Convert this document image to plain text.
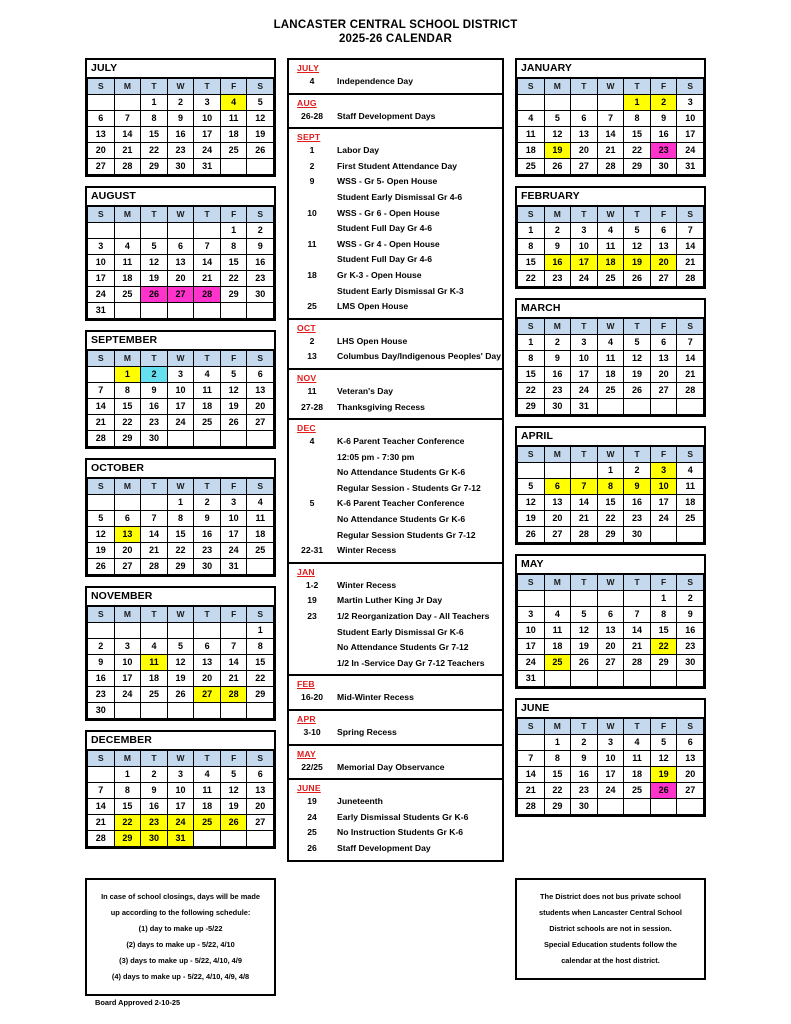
LANCASTER CENTRAL SCHOOL DISTRICT
2025-26 CALENDAR
JULY
S	M	T	W	T	F	S
		1	2	3	4	5
6	7	8	9	10	11	12
13	14	15	16	17	18	19
20	21	22	23	24	25	26
27	28	29	30	31		
AUGUST
S	M	T	W	T	F	S
					1	2
3	4	5	6	7	8	9
10	11	12	13	14	15	16
17	18	19	20	21	22	23
24	25	26	27	28	29	30
31						
SEPTEMBER
S	M	T	W	T	F	S
	1	2	3	4	5	6
7	8	9	10	11	12	13
14	15	16	17	18	19	20
21	22	23	24	25	26	27
28	29	30				
OCTOBER
S	M	T	W	T	F	S
			1	2	3	4
5	6	7	8	9	10	11
12	13	14	15	16	17	18
19	20	21	22	23	24	25
26	27	28	29	30	31	
NOVEMBER
S	M	T	W	T	F	S
						1
2	3	4	5	6	7	8
9	10	11	12	13	14	15
16	17	18	19	20	21	22
23	24	25	26	27	28	29
30						
DECEMBER
S	M	T	W	T	F	S
	1	2	3	4	5	6
7	8	9	10	11	12	13
14	15	16	17	18	19	20
21	22	23	24	25	26	27
28	29	30	31			
JULY
4	Independence Day
AUG
26-28	Staff Development Days
SEPT
1	Labor Day
2	First Student Attendance Day
9	WSS - Gr 5- Open House
Student Early Dismissal Gr 4-6
10	WSS - Gr 6 - Open House
Student Full Day Gr 4-6
11	WSS - Gr 4 - Open House
Student Full Day Gr 4-6
18	Gr K-3 - Open House
Student Early Dismissal Gr K-3
25	LMS Open House
OCT
2	LHS Open House
13	Columbus Day/Indigenous Peoples' Day
NOV
11	Veteran's Day
27-28	Thanksgiving Recess
DEC
4	K-6 Parent Teacher Conference
12:05 pm - 7:30 pm
No Attendance Students Gr K-6
Regular Session - Students Gr 7-12
5	K-6 Parent Teacher Conference
No Attendance Students Gr K-6
Regular Session Students Gr 7-12
22-31	Winter Recess
JAN
1-2	Winter Recess
19	Martin Luther King Jr Day
23	1/2 Reorganization Day - All Teachers
Student Early Dismissal Gr K-6
No Attendance Students Gr 7-12
1/2 In -Service Day Gr 7-12 Teachers
FEB
16-20	Mid-Winter Recess
APR
3-10	Spring Recess
MAY
22/25	Memorial Day Observance
JUNE
19	Juneteenth
24	Early Dismissal Students Gr K-6
25	No Instruction Students Gr K-6
26	Staff Development Day
JANUARY
S	M	T	W	T	F	S
				1	2	3
4	5	6	7	8	9	10
11	12	13	14	15	16	17
18	19	20	21	22	23	24
25	26	27	28	29	30	31
FEBRUARY
S	M	T	W	T	F	S
1	2	3	4	5	6	7
8	9	10	11	12	13	14
15	16	17	18	19	20	21
22	23	24	25	26	27	28
MARCH
S	M	T	W	T	F	S
1	2	3	4	5	6	7
8	9	10	11	12	13	14
15	16	17	18	19	20	21
22	23	24	25	26	27	28
29	30	31				
APRIL
S	M	T	W	T	F	S
			1	2	3	4
5	6	7	8	9	10	11
12	13	14	15	16	17	18
19	20	21	22	23	24	25
26	27	28	29	30		
MAY
S	M	T	W	T	F	S
					1	2
3	4	5	6	7	8	9
10	11	12	13	14	15	16
17	18	19	20	21	22	23
24	25	26	27	28	29	30
31						
JUNE
S	M	T	W	T	F	S
	1	2	3	4	5	6
7	8	9	10	11	12	13
14	15	16	17	18	19	20
21	22	23	24	25	26	27
28	29	30				
In case of school closings, days will be made
up according to the following schedule:
(1) day to make up -5/22
(2) days to make up - 5/22, 4/10
(3) days to make up - 5/22, 4/10, 4/9
(4) days to make up - 5/22, 4/10, 4/9, 4/8
The District does not bus private school
students when Lancaster Central School
District schools are not in session.
Special Education students follow the
calendar at the host district.
Board Approved 2-10-25
